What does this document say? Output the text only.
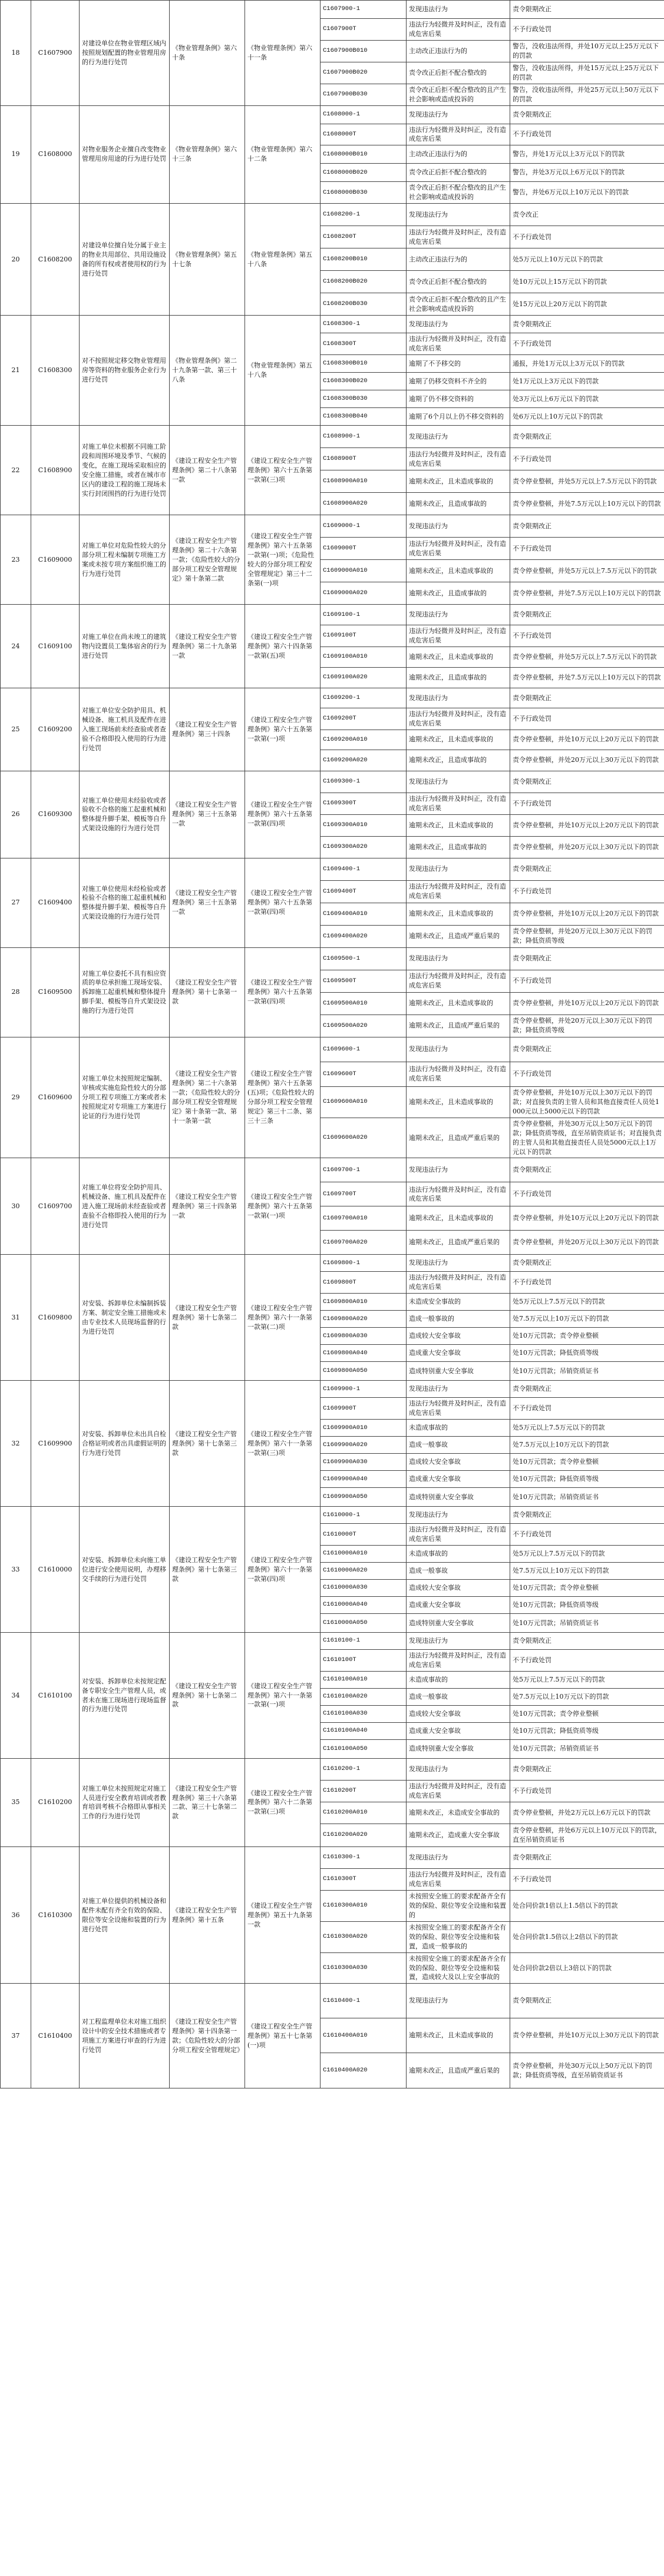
18	C1607900	对建设单位在物业管理区域内按照规划配置的物业管理用房的行为进行处罚	《物业管理条例》第六十条	《物业管理条例》第六十一条	C1607900-1	发现违法行为	责令限期改正
					C1607900T	违法行为轻微并及时纠正，没有造成危害后果	不予行政处罚
					C1607900B010	主动改正违法行为的	警告，没收违法所得，并处10万元以上25万元以下的罚款
					C1607900B020	责令改正后拒不配合整改的	警告，没收违法所得，并处15万元以上25万元以下的罚款
					C1607900B030	责令改正后拒不配合整改的且产生社会影响或造成投诉的	警告，没收违法所得，并处25万元以上50万元以下的罚款
19	C1608000	对物业服务企业擅自改变物业管理用房用途的行为进行处罚	《物业管理条例》第六十三条	《物业管理条例》第六十二条	C1608000-1	发现违法行为	责令限期改正
					C1608000T	违法行为轻微并及时纠正，没有造成危害后果	不予行政处罚
					C1608000B010	主动改正违法行为的	警告，并处1万元以上3万元以下的罚款
					C1608000B020	责令改正后拒不配合整改的	警告，并处3万元以上6万元以下的罚款
					C1608000B030	责令改正后拒不配合整改的且产生社会影响或造成投诉的	警告，并处6万元以上10万元以下的罚款
20	C1608200	对建设单位擅自处分属于业主的物业共用部位、共用设施设备的所有权或者使用权的行为进行处罚	《物业管理条例》第五十七条	《物业管理条例》第五十八条	C1608200-1	发现违法行为	责令改正
					C1608200T	违法行为轻微并及时纠正，没有造成危害后果	不予行政处罚
					C1608200B010	主动改正违法行为的	处5万元以上10万元以下的罚款
					C1608200B020	责令改正后拒不配合整改的	处10万元以上15万元以下的罚款
					C1608200B030	责令改正后拒不配合整改的且产生社会影响或造成投诉的	处15万元以上20万元以下的罚款
21	C1608300	对不按照规定移交物业管理用房等资料的物业服务企业行为进行处罚	《物业管理条例》第二十九条第一款、第三十八条	《物业管理条例》第五十八条	C1608300-1	发现违法行为	责令限期改正
					C1608300T	违法行为轻微并及时纠正，没有造成危害后果	不予行政处罚
					C1608300B010	逾期了不予移交的	通报，并处1万元以上3万元以下的罚款
					C1608300B020	逾期了仍移交资料不齐全的	处1万元以上3万元以下的罚款
					C1608300B030	逾期了仍不移交资料的	处3万元以上6万元以下的罚款
					C1608300B040	逾期了6个月以上仍不移交资料的	处6万元以上10万元以下的罚款
22	C1608900	对施工单位未根据不同施工阶段和周围环境及季节、气候的变化，在施工现场采取相应的安全施工措施，或者在城市市区内的建设工程的施工现场未实行封闭围挡的行为进行处罚	《建设工程安全生产管理条例》第二十八条第一款	《建设工程安全生产管理条例》第六十五条第一款第(三)项	C1608900-1	发现违法行为	责令限期改正
					C1608900T	违法行为轻微并及时纠正，没有造成危害后果	不予行政处罚
					C1608900A010	逾期未改正，且未造成事故的	责令停业整顿，并处5万元以上7.5万元以下的罚款
					C1608900A020	逾期未改正，且造成事故的	责令停业整顿，并处7.5万元以上10万元以下的罚款
23	C1609000	对施工单位对危险性较大的分部分项工程未编制专项施工方案或未按专项方案组织施工的行为进行处罚	《建设工程安全生产管理条例》第二十六条第一款；《危险性较大的分部分项工程安全管理规定》第十条第二款	《建设工程安全生产管理条例》第六十五条第一款第(一)项；《危险性较大的分部分项工程安全管理规定》第三十二条第(一)项	C1609000-1	发现违法行为	责令限期改正
					C1609000T	违法行为轻微并及时纠正，没有造成危害后果	不予行政处罚
					C1609000A010	逾期未改正，且未造成事故的	责令停业整顿，并处5万元以上7.5万元以下的罚款
					C1609000A020	逾期未改正，且造成事故的	责令停业整顿，并处7.5万元以上10万元以下的罚款
24	C1609100	对施工单位在尚未竣工的建筑物内设置员工集体宿舍的行为进行处罚	《建设工程安全生产管理条例》第二十九条第一款	《建设工程安全生产管理条例》第六十四条第一款第(五)项	C1609100-1	发现违法行为	责令限期改正
					C1609100T	违法行为轻微并及时纠正，没有造成危害后果	不予行政处罚
					C1609100A010	逾期未改正，且未造成事故的	责令停业整顿，并处5万元以上7.5万元以下的罚款
					C1609100A020	逾期未改正，且造成事故的	责令停业整顿，并处7.5万元以上10万元以下的罚款
25	C1609200	对施工单位安全防护用具、机械设备、施工机具及配件在进入施工现场前未经查验或者查验不合格即投入使用的行为进行处罚	《建设工程安全生产管理条例》第三十四条	《建设工程安全生产管理条例》第六十五条第一款第(一)项	C1609200-1	发现违法行为	责令限期改正
					C1609200T	违法行为轻微并及时纠正，没有造成危害后果	不予行政处罚
					C1609200A010	逾期未改正，且未造成事故的	责令停业整顿，并处10万元以上20万元以下的罚款
					C1609200A020	逾期未改正，且造成事故的	责令停业整顿，并处20万元以上30万元以下的罚款
26	C1609300	对施工单位使用未经验收或者验收不合格的施工起重机械和整体提升脚手架、模板等自升式架设设施的行为进行处罚	《建设工程安全生产管理条例》第三十五条第一款	《建设工程安全生产管理条例》第六十五条第一款第(四)项	C1609300-1	发现违法行为	责令限期改正
					C1609300T	违法行为轻微并及时纠正，没有造成危害后果	不予行政处罚
					C1609300A010	逾期未改正，且未造成事故的	责令停业整顿，并处10万元以上20万元以下的罚款
					C1609300A020	逾期未改正，且造成事故的	责令停业整顿，并处20万元以上30万元以下的罚款
27	C1609400	对施工单位使用未经检验或者检验不合格的施工起重机械和整体提升脚手架、模板等自升式架设设施的行为进行处罚	《建设工程安全生产管理条例》第三十五条第一款	《建设工程安全生产管理条例》第六十五条第一款第(四)项	C1609400-1	发现违法行为	责令限期改正
					C1609400T	违法行为轻微并及时纠正，没有造成危害后果	不予行政处罚
					C1609400A010	逾期未改正，且未造成事故的	责令停业整顿，并处10万元以上20万元以下的罚款
					C1609400A020	逾期未改正，且造成严重后果的	责令停业整顿，并处20万元以上30万元以下的罚款；降低资质等级
28	C1609500	对施工单位委托不具有相应资质的单位承担施工现场安装、拆卸施工起重机械和整体提升脚手架、模板等自升式架设设施的行为进行处罚	《建设工程安全生产管理条例》第十七条第一款	《建设工程安全生产管理条例》第六十五条第一款第(四)项	C1609500-1	发现违法行为	责令限期改正
					C1609500T	违法行为轻微并及时纠正，没有造成危害后果	不予行政处罚
					C1609500A010	逾期未改正，且未造成事故的	责令停业整顿，并处10万元以上20万元以下的罚款
					C1609500A020	逾期未改正，且造成严重后果的	责令停业整顿，并处20万元以上30万元以下的罚款；降低资质等级
29	C1609600	对施工单位未按照规定编制、审核或实施危险性较大的分部分项工程专项施工方案或者未按照规定对专项施工方案进行论证的行为进行处罚	《建设工程安全生产管理条例》第二十六条第一款；《危险性较大的分部分项工程安全管理规定》第十条第一款、第十一条第一款	《建设工程安全生产管理条例》第六十五条第(五)项；《危险性较大的分部分项工程安全管理规定》第三十二条、第三十三条	C1609600-1	发现违法行为	责令限期改正
					C1609600T	违法行为轻微并及时纠正，没有造成危害后果	不予行政处罚
					C1609600A010	逾期未改正，且未造成事故的	责令停业整顿，并处10万元以上30万元以下的罚款；对直接负责的主管人员和其他直接责任人员处1000元以上5000元以下的罚款
					C1609600A020	逾期未改正，且造成严重后果的	责令停业整顿，并处30万元以上50万元以下的罚款；降低资质等级，直至吊销资质证书；对直接负责的主管人员和其他直接责任人员处5000元以上1万元以下的罚款
30	C1609700	对施工单位将安全防护用具、机械设备、施工机具及配件在进入施工现场前未经查验或者查验不合格即投入使用的行为进行处罚	《建设工程安全生产管理条例》第三十四条第一款	《建设工程安全生产管理条例》第六十五条第一款第(一)项	C1609700-1	发现违法行为	责令限期改正
					C1609700T	违法行为轻微并及时纠正，没有造成危害后果	不予行政处罚
					C1609700A010	逾期未改正，且未造成事故的	责令停业整顿，并处10万元以上20万元以下的罚款
					C1609700A020	逾期未改正，且造成严重后果的	责令停业整顿，并处20万元以上30万元以下的罚款
31	C1609800	对安装、拆卸单位未编制拆装方案、制定安全施工措施或未由专业技术人员现场监督的行为进行处罚	《建设工程安全生产管理条例》第十七条第二款	《建设工程安全生产管理条例》第六十一条第一款第(二)项	C1609800-1	发现违法行为	责令限期改正
					C1609800T	违法行为轻微并及时纠正，没有造成危害后果	不予行政处罚
					C1609800A010	未造成安全事故的	处5万元以上7.5万元以下的罚款
					C1609800A020	造成一般事故的	处7.5万元以上10万元以下的罚款
					C1609800A030	造成较大安全事故	处10万元罚款；责令停业整顿
					C1609800A040	造成重大安全事故	处10万元罚款；降低资质等级
					C1609800A050	造成特别重大安全事故	处10万元罚款；吊销资质证书
32	C1609900	对安装、拆卸单位未出具自检合格证明或者出具虚假证明的行为进行处罚	《建设工程安全生产管理条例》第十七条第三款	《建设工程安全生产管理条例》第六十一条第一款第(三)项	C1609900-1	发现违法行为	责令限期改正
					C1609900T	违法行为轻微并及时纠正，没有造成危害后果	不予行政处罚
					C1609900A010	未造成事故的	处5万元以上7.5万元以下的罚款
					C1609900A020	造成一般事故	处7.5万元以上10万元以下的罚款
					C1609900A030	造成较大安全事故	处10万元罚款；责令停业整顿
					C1609900A040	造成重大安全事故	处10万元罚款；降低资质等级
					C1609900A050	造成特别重大安全事故	处10万元罚款；吊销资质证书
33	C1610000	对安装、拆卸单位未向施工单位进行安全使用说明，办理移交手续的行为进行处罚	《建设工程安全生产管理条例》第十七条第三款	《建设工程安全生产管理条例》第六十一条第一款第(四)项	C1610000-1	发现违法行为	责令限期改正
					C1610000T	违法行为轻微并及时纠正，没有造成危害后果	不予行政处罚
					C1610000A010	未造成事故的	处5万元以上7.5万元以下的罚款
					C1610000A020	造成一般事故	处7.5万元以上10万元以下的罚款
					C1610000A030	造成较大安全事故	处10万元罚款；责令停业整顿
					C1610000A040	造成重大安全事故	处10万元罚款；降低资质等级
					C1610000A050	造成特别重大安全事故	处10万元罚款；吊销资质证书
34	C1610100	对安装、拆卸单位未按规定配备专职安全生产管理人员，或者未在施工现场进行现场监督的行为进行处罚	《建设工程安全生产管理条例》第十七条第二款	《建设工程安全生产管理条例》第六十一条第一款第(一)项	C1610100-1	发现违法行为	责令限期改正
					C1610100T	违法行为轻微并及时纠正，没有造成危害后果	不予行政处罚
					C1610100A010	未造成事故的	处5万元以上7.5万元以下的罚款
					C1610100A020	造成一般事故	处7.5万元以上10万元以下的罚款
					C1610100A030	造成较大安全事故	处10万元罚款；责令停业整顿
					C1610100A040	造成重大安全事故	处10万元罚款；降低资质等级
					C1610100A050	造成特别重大安全事故	处10万元罚款；吊销资质证书
35	C1610200	对施工单位未按照规定对施工人员进行安全教育培训或者教育培训考核不合格即从事相关工作的行为进行处罚	《建设工程安全生产管理条例》第三十六条第二款、第三十七条第二款	《建设工程安全生产管理条例》第六十二条第一款第(三)项	C1610200-1	发现违法行为	责令限期改正
					C1610200T	违法行为轻微并及时纠正，没有造成危害后果	不予行政处罚
					C1610200A010	逾期未改正，未造成安全事故的	责令停业整顿，并处2万元以上6万元以下的罚款
					C1610200A020	逾期未改正，造成重大安全事故	责令停业整顿，并处6万元以上10万元以下的罚款，直至吊销资质证书
36	C1610300	对施工单位提供的机械设备和配件未配有齐全有效的保险、限位等安全设施和装置的行为进行处罚	《建设工程安全生产管理条例》第十五条	《建设工程安全生产管理条例》第五十九条第一款	C1610300-1	发现违法行为	责令限期改正
					C1610300T	违法行为轻微并及时纠正，没有造成危害后果	不予行政处罚
					C1610300A010	未按照安全施工的要求配备齐全有效的保险、限位等安全设施和装置的	处合同价款1倍以上1.5倍以下的罚款
					C1610300A020	未按照安全施工的要求配备齐全有效的保险、限位等安全设施和装置，造成一般事故的	处合同价款1.5倍以上2倍以下的罚款
					C1610300A030	未按照安全施工的要求配备齐全有效的保险、限位等安全设施和装置，造成较大及以上安全事故的	处合同价款2倍以上3倍以下的罚款
37	C1610400	对工程监理单位未对施工组织设计中的安全技术措施或者专项施工方案进行审查的行为进行处罚	《建设工程安全生产管理条例》第十四条第一款；《危险性较大的分部分项工程安全管理规定》	《建设工程安全生产管理条例》第五十七条第(一)项	C1610400-1	发现违法行为	责令限期改正
					C1610400A010	逾期未改正，且未造成事故的	责令停业整顿，并处10万元以上30万元以下的罚款
					C1610400A020	逾期未改正，且造成严重后果的	责令停业整顿，并处30万元以上50万元以下的罚款；降低资质等级，直至吊销资质证书
